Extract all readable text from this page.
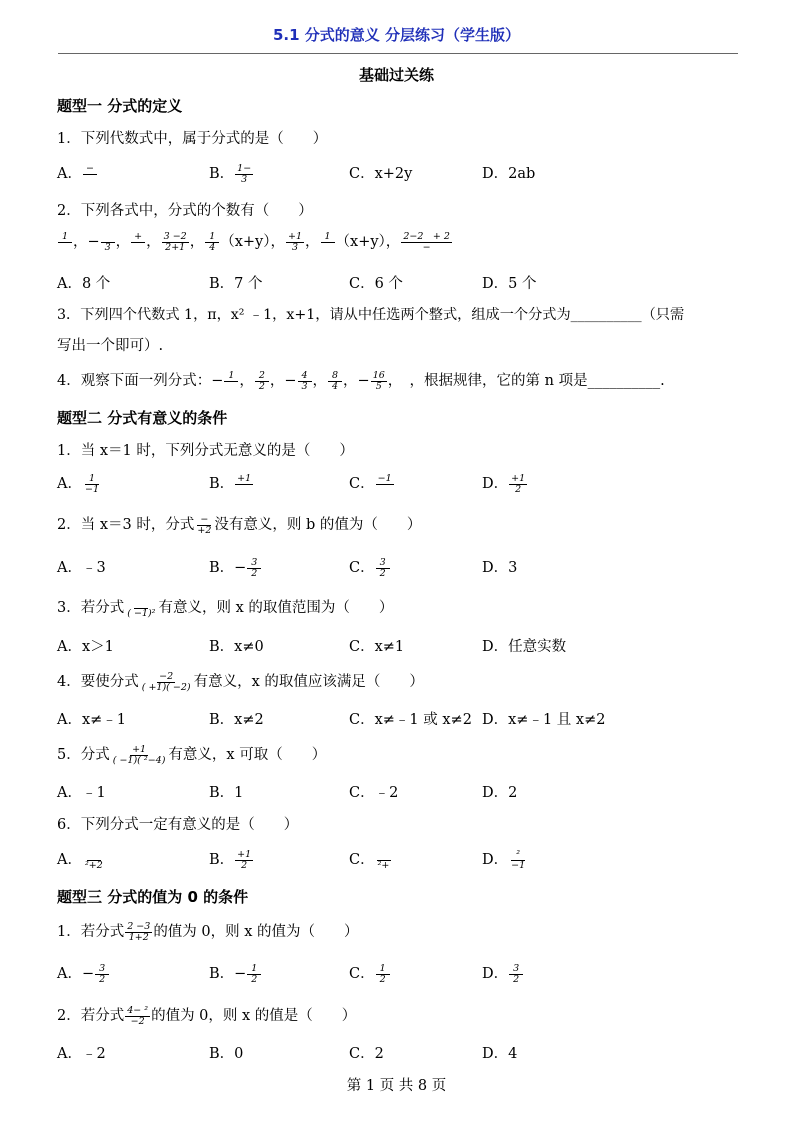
5.1 分式的意义 分层练习（学生版）
基础过关练
题型一 分式的定义
1．下列代数式中，属于分式的是（　　）
A． −	B． $\frac{1-}{3}$	C．x+2y	D．2ab
2．下列各式中，分式的个数有（　　）
1 ，− 3 ， + ， $\frac{3 -2}{2+1}$ ， $\frac{1}{4} (x+y)$， $\frac{+1}{3}$ ， 1 （x+y）， $\frac{2-2 + 2}{-}$
A．8 个	B．7 个	C．6 个	D．5 个
3．下列四个代数式 1，π，x² ﹣1，x+1，请从中任选两个整式，组成一个分式为__________（只需
写出一个即可）.
4．观察下面一列分式：− 1 ， $\frac{2}{2}$ ，− $\frac{4}{3}$ ， $\frac{8}{4}$ ，− $\frac{16}{5}$ ，　，根据规律，它的第 n 项是__________.
题型二 分式有意义的条件
1．当 x＝1 时，下列分式无意义的是（　　）
A． $\frac{1}{-1}$	B． +1	C． −1	D． $\frac{+1}{2}$
2．当 x＝3 时，分式 $\frac{-}{+2}$ 没有意义，则 b 的值为（　　）
A．﹣3	B．− $\frac{3}{2}$	C． $\frac{3}{2}$	D．3
3．若分式 ( −1)² 有意义，则 x 的取值范围为（　　）
A．x＞1	B．x≠0	C．x≠1	D．任意实数
4．要使分式 $\frac{-2}{( +1)( -2)}$ 有意义，x 的取值应该满足（　　）
A．x≠﹣1	B．x≠2	C．x≠﹣1 或 x≠2 D．x≠﹣1 且 x≠2
5．分式 $\frac{+1}{\text{( −1)( ²−4)}}$ 有意义，x 可取（　　）
A．﹣1	B．1	C．﹣2	D．2
6．下列分式一定有意义的是（　　）
A． ²+2	B． $\frac{+1}{2}$	C． ²+	D． $\frac{\text{²}}{-1}$
题型三 分式的值为 0 的条件
1．若分式 $\frac{2 -3}{1+2}$ 的值为 0，则 x 的值为（　　）
A．− $\frac{3}{2}$	B．− $\frac{1}{2}$	C． $\frac{1}{2}$	D． $\frac{3}{2}$
2．若分式 $\frac{\text{4− ²}}{-2}$ 的值为 0，则 x 的值是（　　）
A．﹣2	B．0	C．2	D．4
第 1 页 共 8 页
